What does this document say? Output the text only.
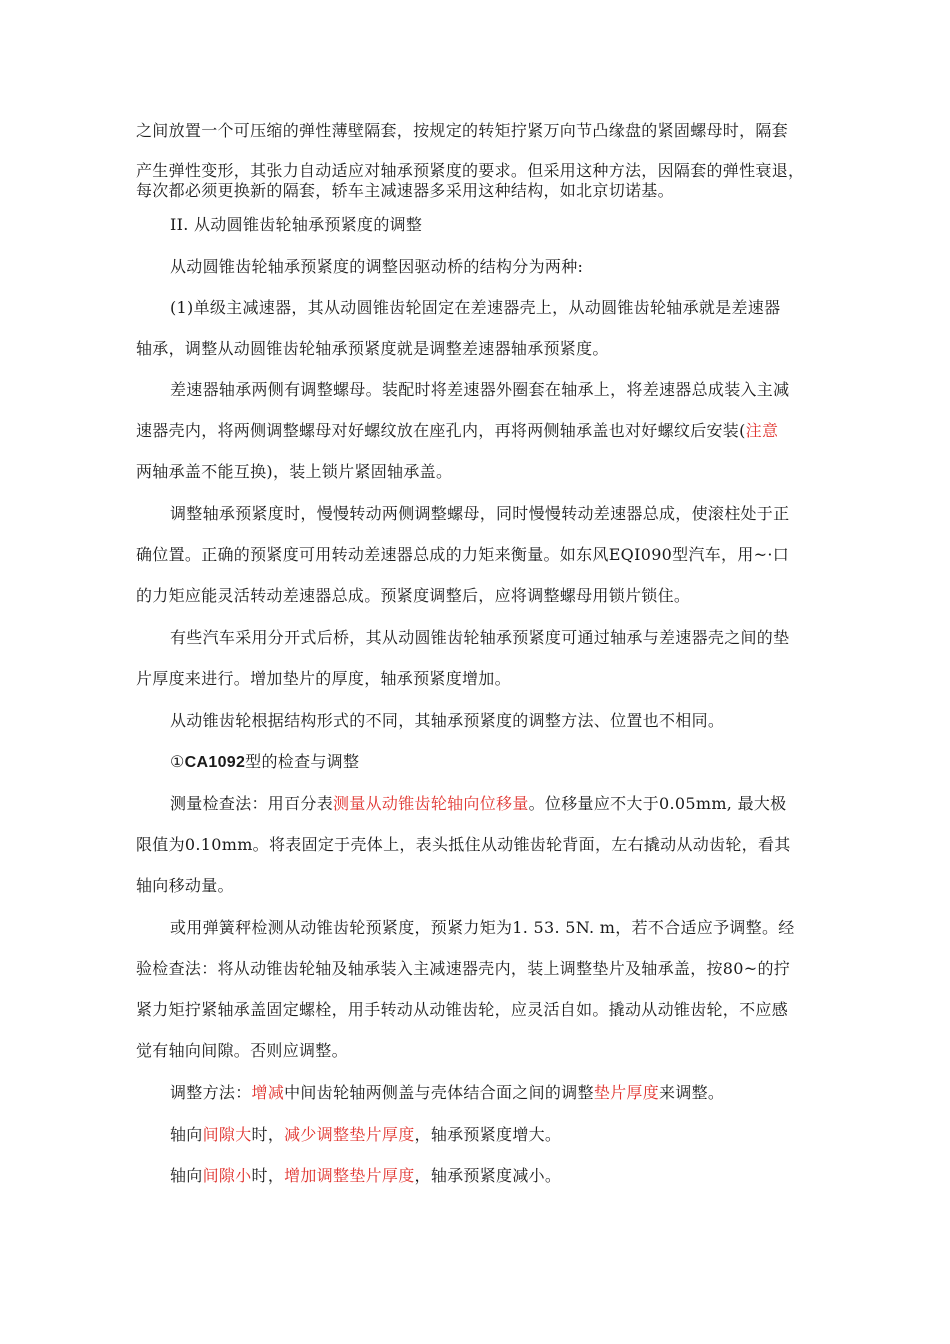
之间放置一个可压缩的弹性薄壁隔套，按规定的转矩拧紧万向节凸缘盘的紧固螺母时，隔套
产生弹性变形，其张力自动适应对轴承预紧度的要求。但采用这种方法，因隔套的弹性衰退，
每次都必须更换新的隔套，轿车主减速器多采用这种结构，如北京切诺基。
II. 从动圆锥齿轮轴承预紧度的调整
从动圆锥齿轮轴承预紧度的调整因驱动桥的结构分为两种:
(1)单级主减速器，其从动圆锥齿轮固定在差速器壳上，从动圆锥齿轮轴承就是差速器
轴承，调整从动圆锥齿轮轴承预紧度就是调整差速器轴承预紧度。
差速器轴承两侧有调整螺母。装配时将差速器外圈套在轴承上，将差速器总成装入主减
速器壳内，将两侧调整螺母对好螺纹放在座孔内，再将两侧轴承盖也对好螺纹后安装(注意
两轴承盖不能互换)，装上锁片紧固轴承盖。
调整轴承预紧度时，慢慢转动两侧调整螺母，同时慢慢转动差速器总成，使滚柱处于正
确位置。正确的预紧度可用转动差速器总成的力矩来衡量。如东风EQI090型汽车，用~·口
的力矩应能灵活转动差速器总成。预紧度调整后，应将调整螺母用锁片锁住。
有些汽车采用分开式后桥，其从动圆锥齿轮轴承预紧度可通过轴承与差速器壳之间的垫
片厚度来进行。增加垫片的厚度，轴承预紧度增加。
从动锥齿轮根据结构形式的不同，其轴承预紧度的调整方法、位置也不相同。
①CA1092型的检查与调整
测量检查法：用百分表测量从动锥齿轮轴向位移量。位移量应不大于0.05mm, 最大极
限值为0.10mm。将表固定于壳体上，表头抵住从动锥齿轮背面，左右撬动从动齿轮，看其
轴向移动量。
或用弹簧秤检测从动锥齿轮预紧度，预紧力矩为1. 53. 5N. m，若不合适应予调整。经
验检查法：将从动锥齿轮轴及轴承装入主减速器壳内，装上调整垫片及轴承盖，按80~的拧
紧力矩拧紧轴承盖固定螺栓，用手转动从动锥齿轮，应灵活自如。撬动从动锥齿轮，不应感
觉有轴向间隙。否则应调整。
调整方法：增减中间齿轮轴两侧盖与壳体结合面之间的调整垫片厚度来调整。
轴向间隙大时，减少调整垫片厚度，轴承预紧度增大。
轴向间隙小时，增加调整垫片厚度，轴承预紧度减小。
